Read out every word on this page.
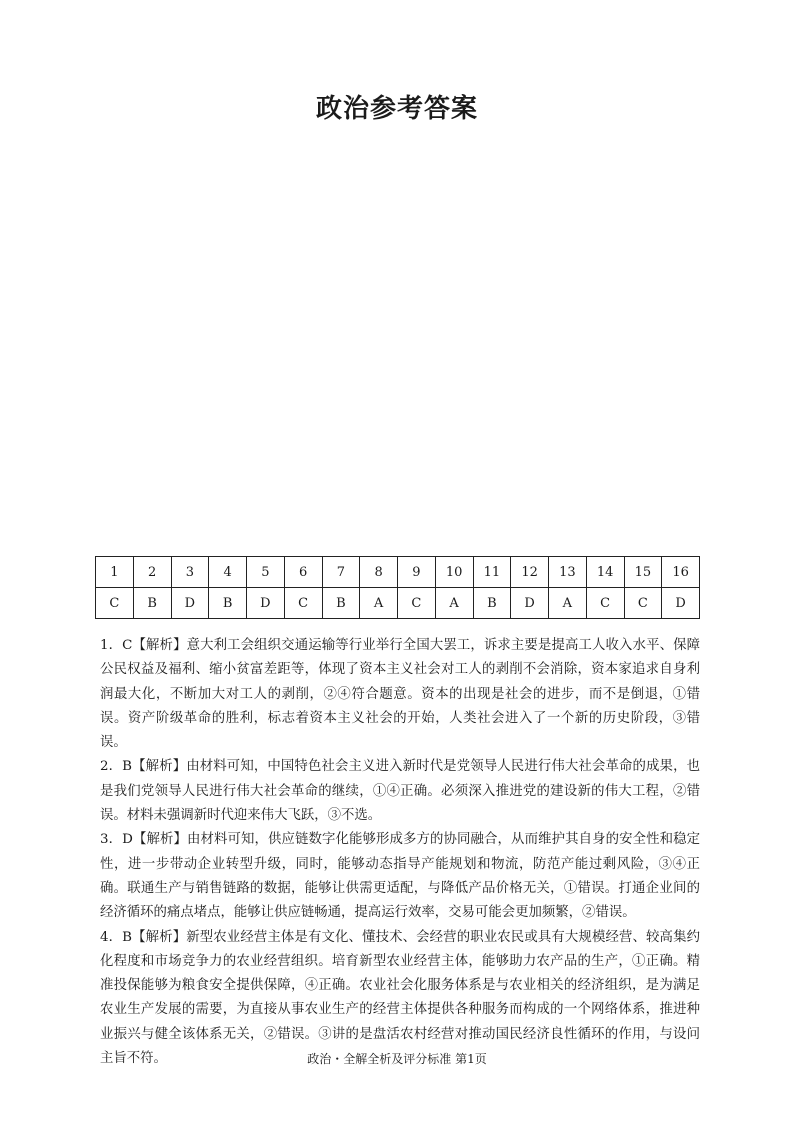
政治参考答案
1	2	3	4	5	6	7	8	9	10	11	12	13	14	15	16
C	B	D	B	D	C	B	A	C	A	B	D	A	C	C	D

1．C【解析】意大利工会组织交通运输等行业举行全国大罢工，诉求主要是提高工人收入水平、保障公民权益及福利、缩小贫富差距等，体现了资本主义社会对工人的剥削不会消除，资本家追求自身利润最大化，不断加大对工人的剥削，②④符合题意。资本的出现是社会的进步，而不是倒退，①错误。资产阶级革命的胜利，标志着资本主义社会的开始，人类社会进入了一个新的历史阶段，③错误。

2．B【解析】由材料可知，中国特色社会主义进入新时代是党领导人民进行伟大社会革命的成果，也是我们党领导人民进行伟大社会革命的继续，①④正确。必须深入推进党的建设新的伟大工程，②错误。材料未强调新时代迎来伟大飞跃，③不选。

3．D【解析】由材料可知，供应链数字化能够形成多方的协同融合，从而维护其自身的安全性和稳定性，进一步带动企业转型升级，同时，能够动态指导产能规划和物流，防范产能过剩风险，③④正确。联通生产与销售链路的数据，能够让供需更适配，与降低产品价格无关，①错误。打通企业间的经济循环的痛点堵点，能够让供应链畅通，提高运行效率，交易可能会更加频繁，②错误。

4．B【解析】新型农业经营主体是有文化、懂技术、会经营的职业农民或具有大规模经营、较高集约化程度和市场竞争力的农业经营组织。培育新型农业经营主体，能够助力农产品的生产，①正确。精准投保能够为粮食安全提供保障，④正确。农业社会化服务体系是与农业相关的经济组织，是为满足农业生产发展的需要，为直接从事农业生产的经营主体提供各种服务而构成的一个网络体系，推进种业振兴与健全该体系无关，②错误。③讲的是盘活农村经营对推动国民经济良性循环的作用，与设问主旨不符。	政治・全解全析及评分标准 第1页
